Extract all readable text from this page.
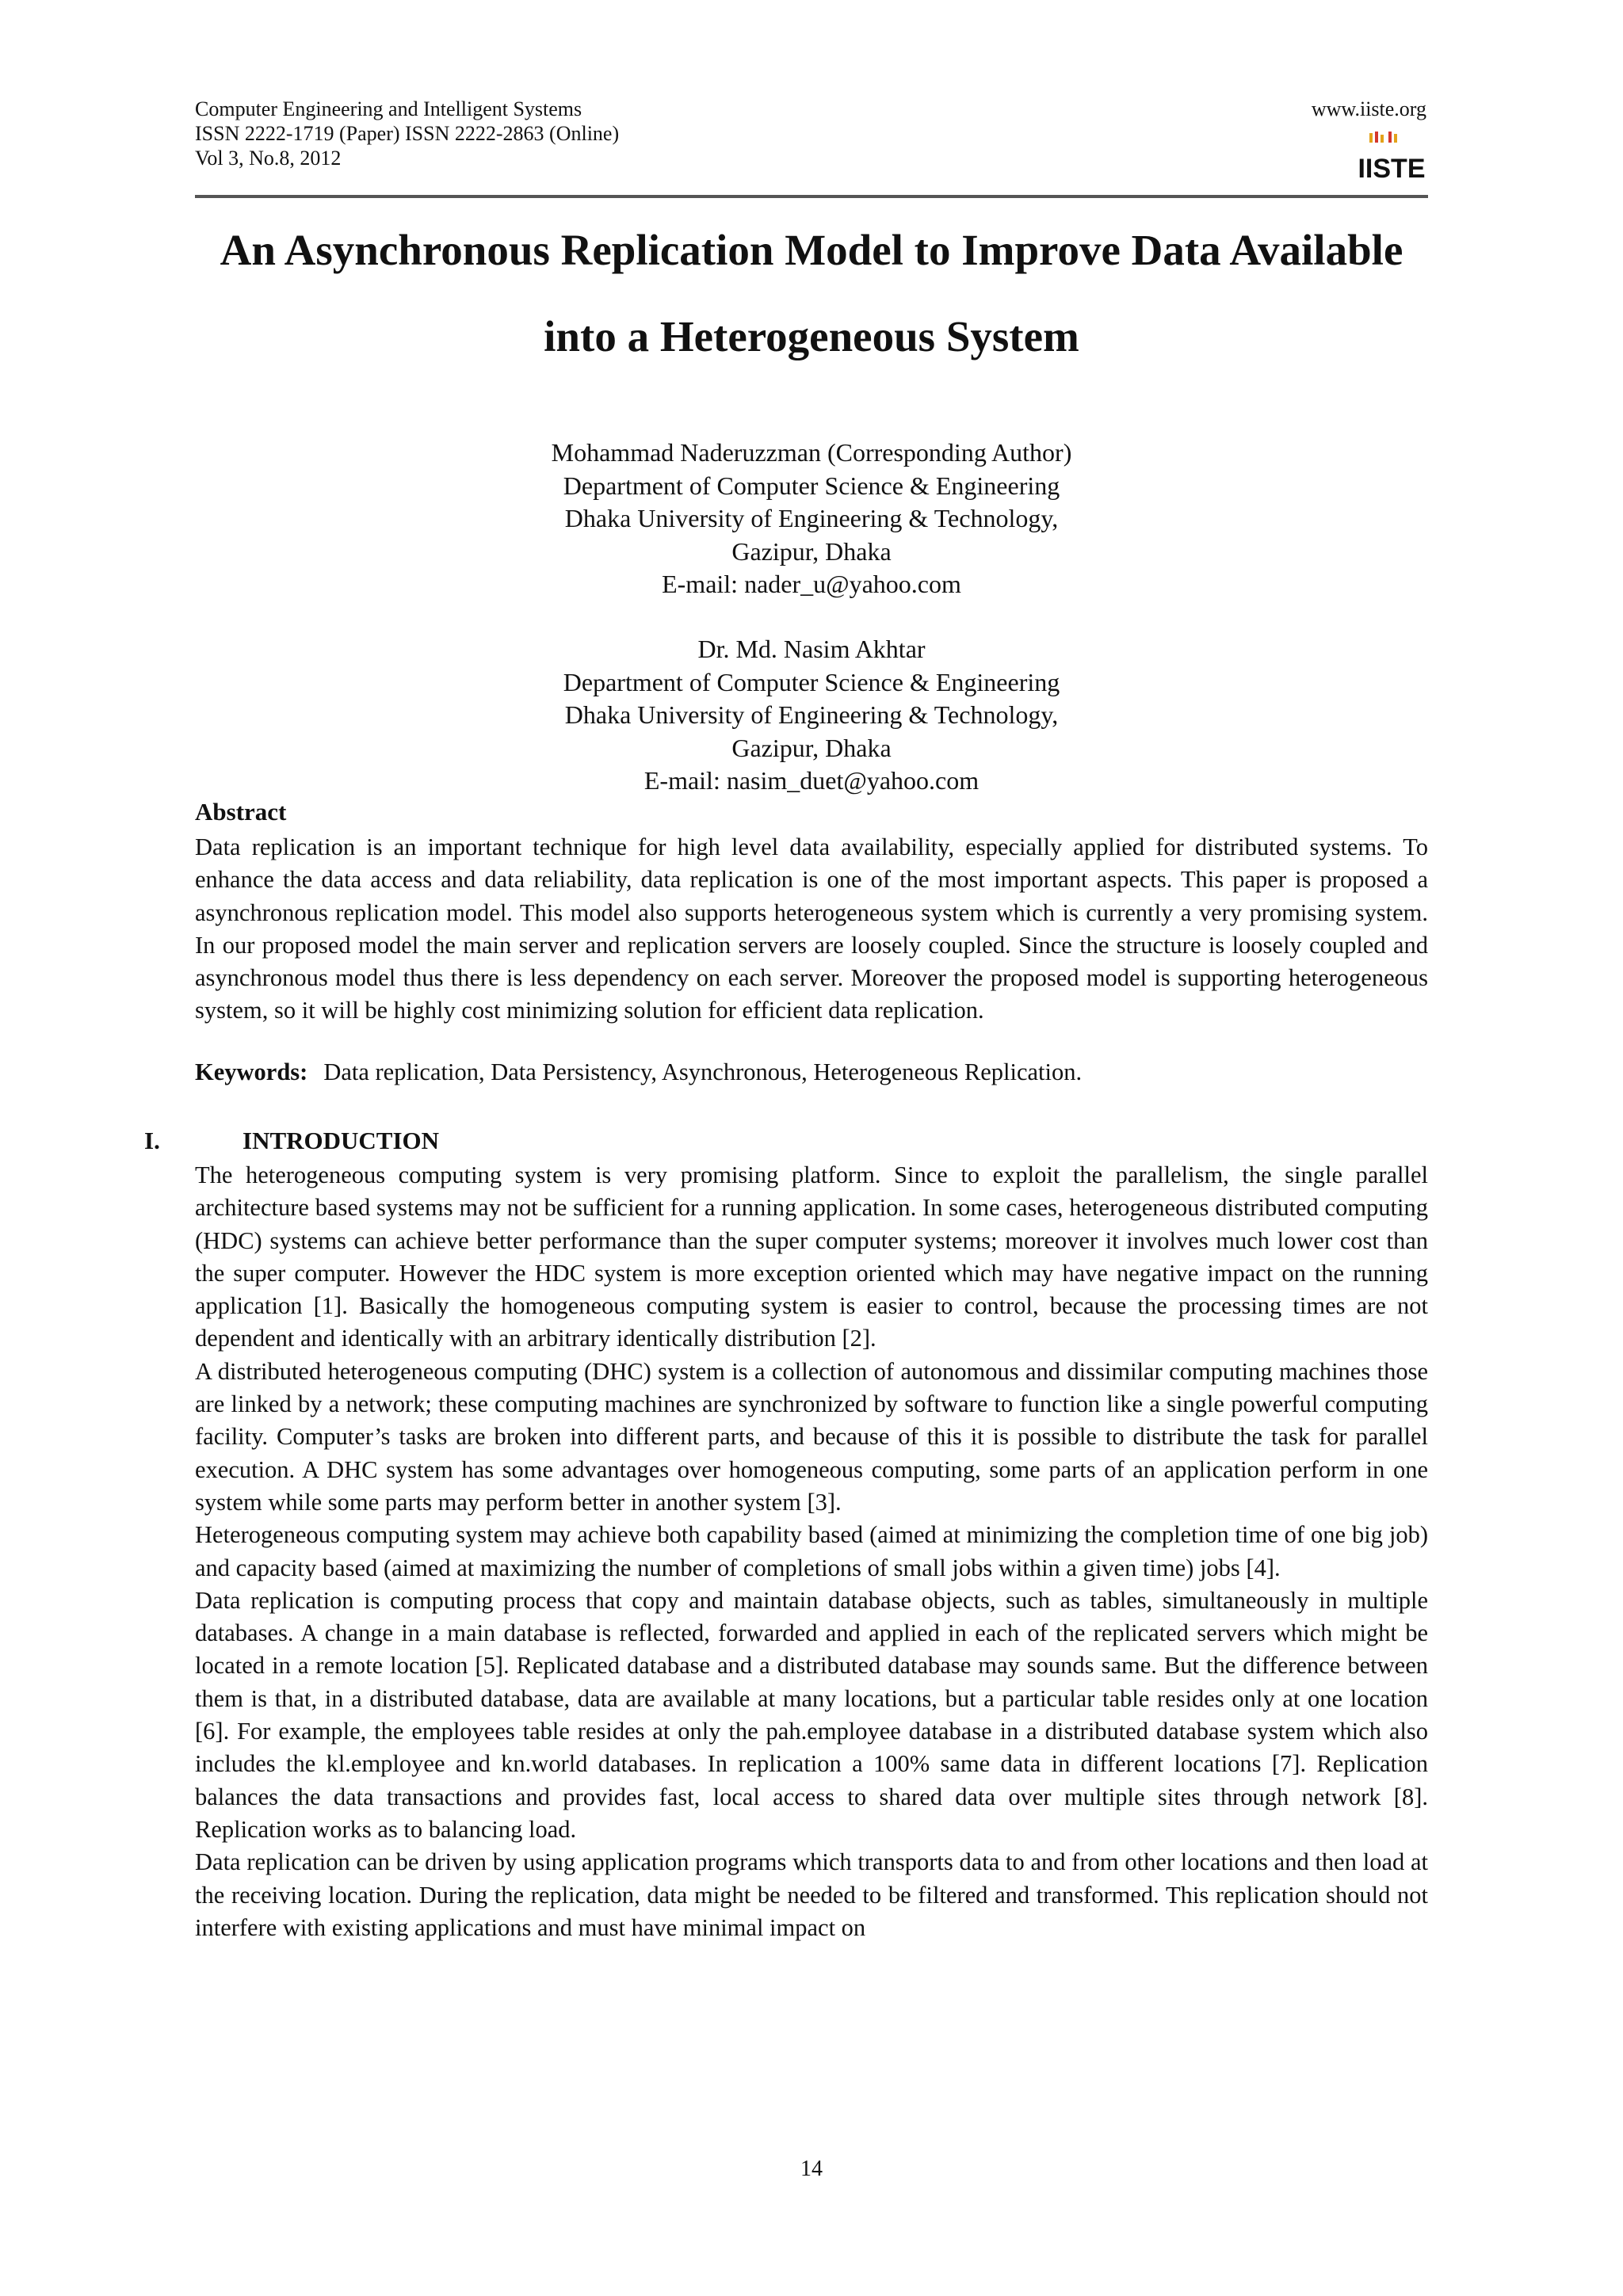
Computer Engineering and Intelligent Systems
ISSN 2222-1719 (Paper) ISSN 2222-2863 (Online)
Vol 3, No.8, 2012
www.iiste.org
IISTE
An Asynchronous Replication Model to Improve Data Available
into a Heterogeneous System
Mohammad Naderuzzman (Corresponding Author)
Department of Computer Science & Engineering
Dhaka University of Engineering & Technology,
Gazipur, Dhaka
E-mail: nader_u@yahoo.com
Dr. Md. Nasim Akhtar
Department of Computer Science & Engineering
Dhaka University of Engineering & Technology,
Gazipur, Dhaka
E-mail: nasim_duet@yahoo.com
Abstract

Data replication is an important technique for high level data availability, especially applied for distributed systems. To enhance the data access and data reliability, data replication is one of the most important aspects. This paper is proposed a asynchronous replication model. This model also supports heterogeneous system which is currently a very promising system. In our proposed model the main server and replication servers are loosely coupled. Since the structure is loosely coupled and asynchronous model thus there is less dependency on each server. Moreover the proposed model is supporting heterogeneous system, so it will be highly cost minimizing solution for efficient data replication.

Keywords: Data replication, Data Persistency, Asynchronous, Heterogeneous Replication.
I.	INTRODUCTION

The heterogeneous computing system is very promising platform. Since to exploit the parallelism, the single parallel architecture based systems may not be sufficient for a running application. In some cases, heterogeneous distributed computing (HDC) systems can achieve better performance than the super computer systems; moreover it involves much lower cost than the super computer. However the HDC system is more exception oriented which may have negative impact on the running application [1]. Basically the homogeneous computing system is easier to control, because the processing times are not dependent and identically with an arbitrary identically distribution [2].

A distributed heterogeneous computing (DHC) system is a collection of autonomous and dissimilar computing machines those are linked by a network; these computing machines are synchronized by software to function like a single powerful computing facility. Computer’s tasks are broken into different parts, and because of this it is possible to distribute the task for parallel execution. A DHC system has some advantages over homogeneous computing, some parts of an application perform in one system while some parts may perform better in another system [3].

Heterogeneous computing system may achieve both capability based (aimed at minimizing the completion time of one big job) and capacity based (aimed at maximizing the number of completions of small jobs within a given time) jobs [4].

Data replication is computing process that copy and maintain database objects, such as tables, simultaneously in multiple databases. A change in a main database is reflected, forwarded and applied in each of the replicated servers which might be located in a remote location [5]. Replicated database and a distributed database may sounds same. But the difference between them is that, in a distributed database, data are available at many locations, but a particular table resides only at one location [6]. For example, the employees table resides at only the pah.employee database in a distributed database system which also includes the kl.employee and kn.world databases. In replication a 100% same data in different locations [7]. Replication balances the data transactions and provides fast, local access to shared data over multiple sites through network [8]. Replication works as to balancing load.

Data replication can be driven by using application programs which transports data to and from other locations and then load at the receiving location. During the replication, data might be needed to be filtered and transformed. This replication should not interfere with existing applications and must have minimal impact on

14
